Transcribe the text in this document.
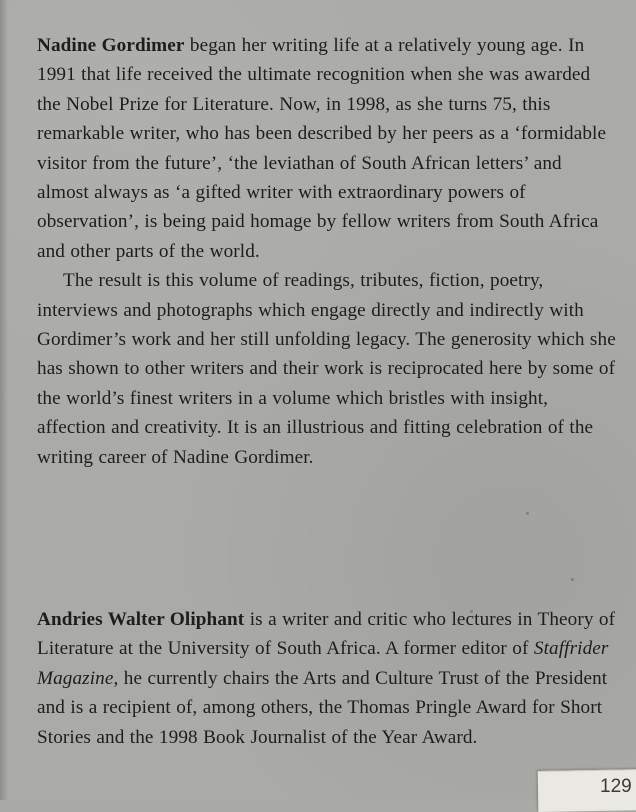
Nadine Gordimer began her writing life at a relatively young age. In 1991 that life received the ultimate recognition when she was awarded the Nobel Prize for Literature. Now, in 1998, as she turns 75, this remarkable writer, who has been described by her peers as a ‘formidable visitor from the future’, ‘the leviathan of South African letters’ and almost always as ‘a gifted writer with extraordinary powers of observation’, is being paid homage by fellow writers from South Africa and other parts of the world.

The result is this volume of readings, tributes, fiction, poetry, interviews and photographs which engage directly and indirectly with Gordimer’s work and her still unfolding legacy. The generosity which she has shown to other writers and their work is reciprocated here by some of the world’s finest writers in a volume which bristles with insight, affection and creativity. It is an illustrious and fitting celebration of the writing career of Nadine Gordimer.

Andries Walter Oliphant is a writer and critic who lectures in Theory of Literature at the University of South Africa. A former editor of Staffrider Magazine, he currently chairs the Arts and Culture Trust of the President and is a recipient of, among others, the Thomas Pringle Award for Short Stories and the 1998 Book Journalist of the Year Award.

129
